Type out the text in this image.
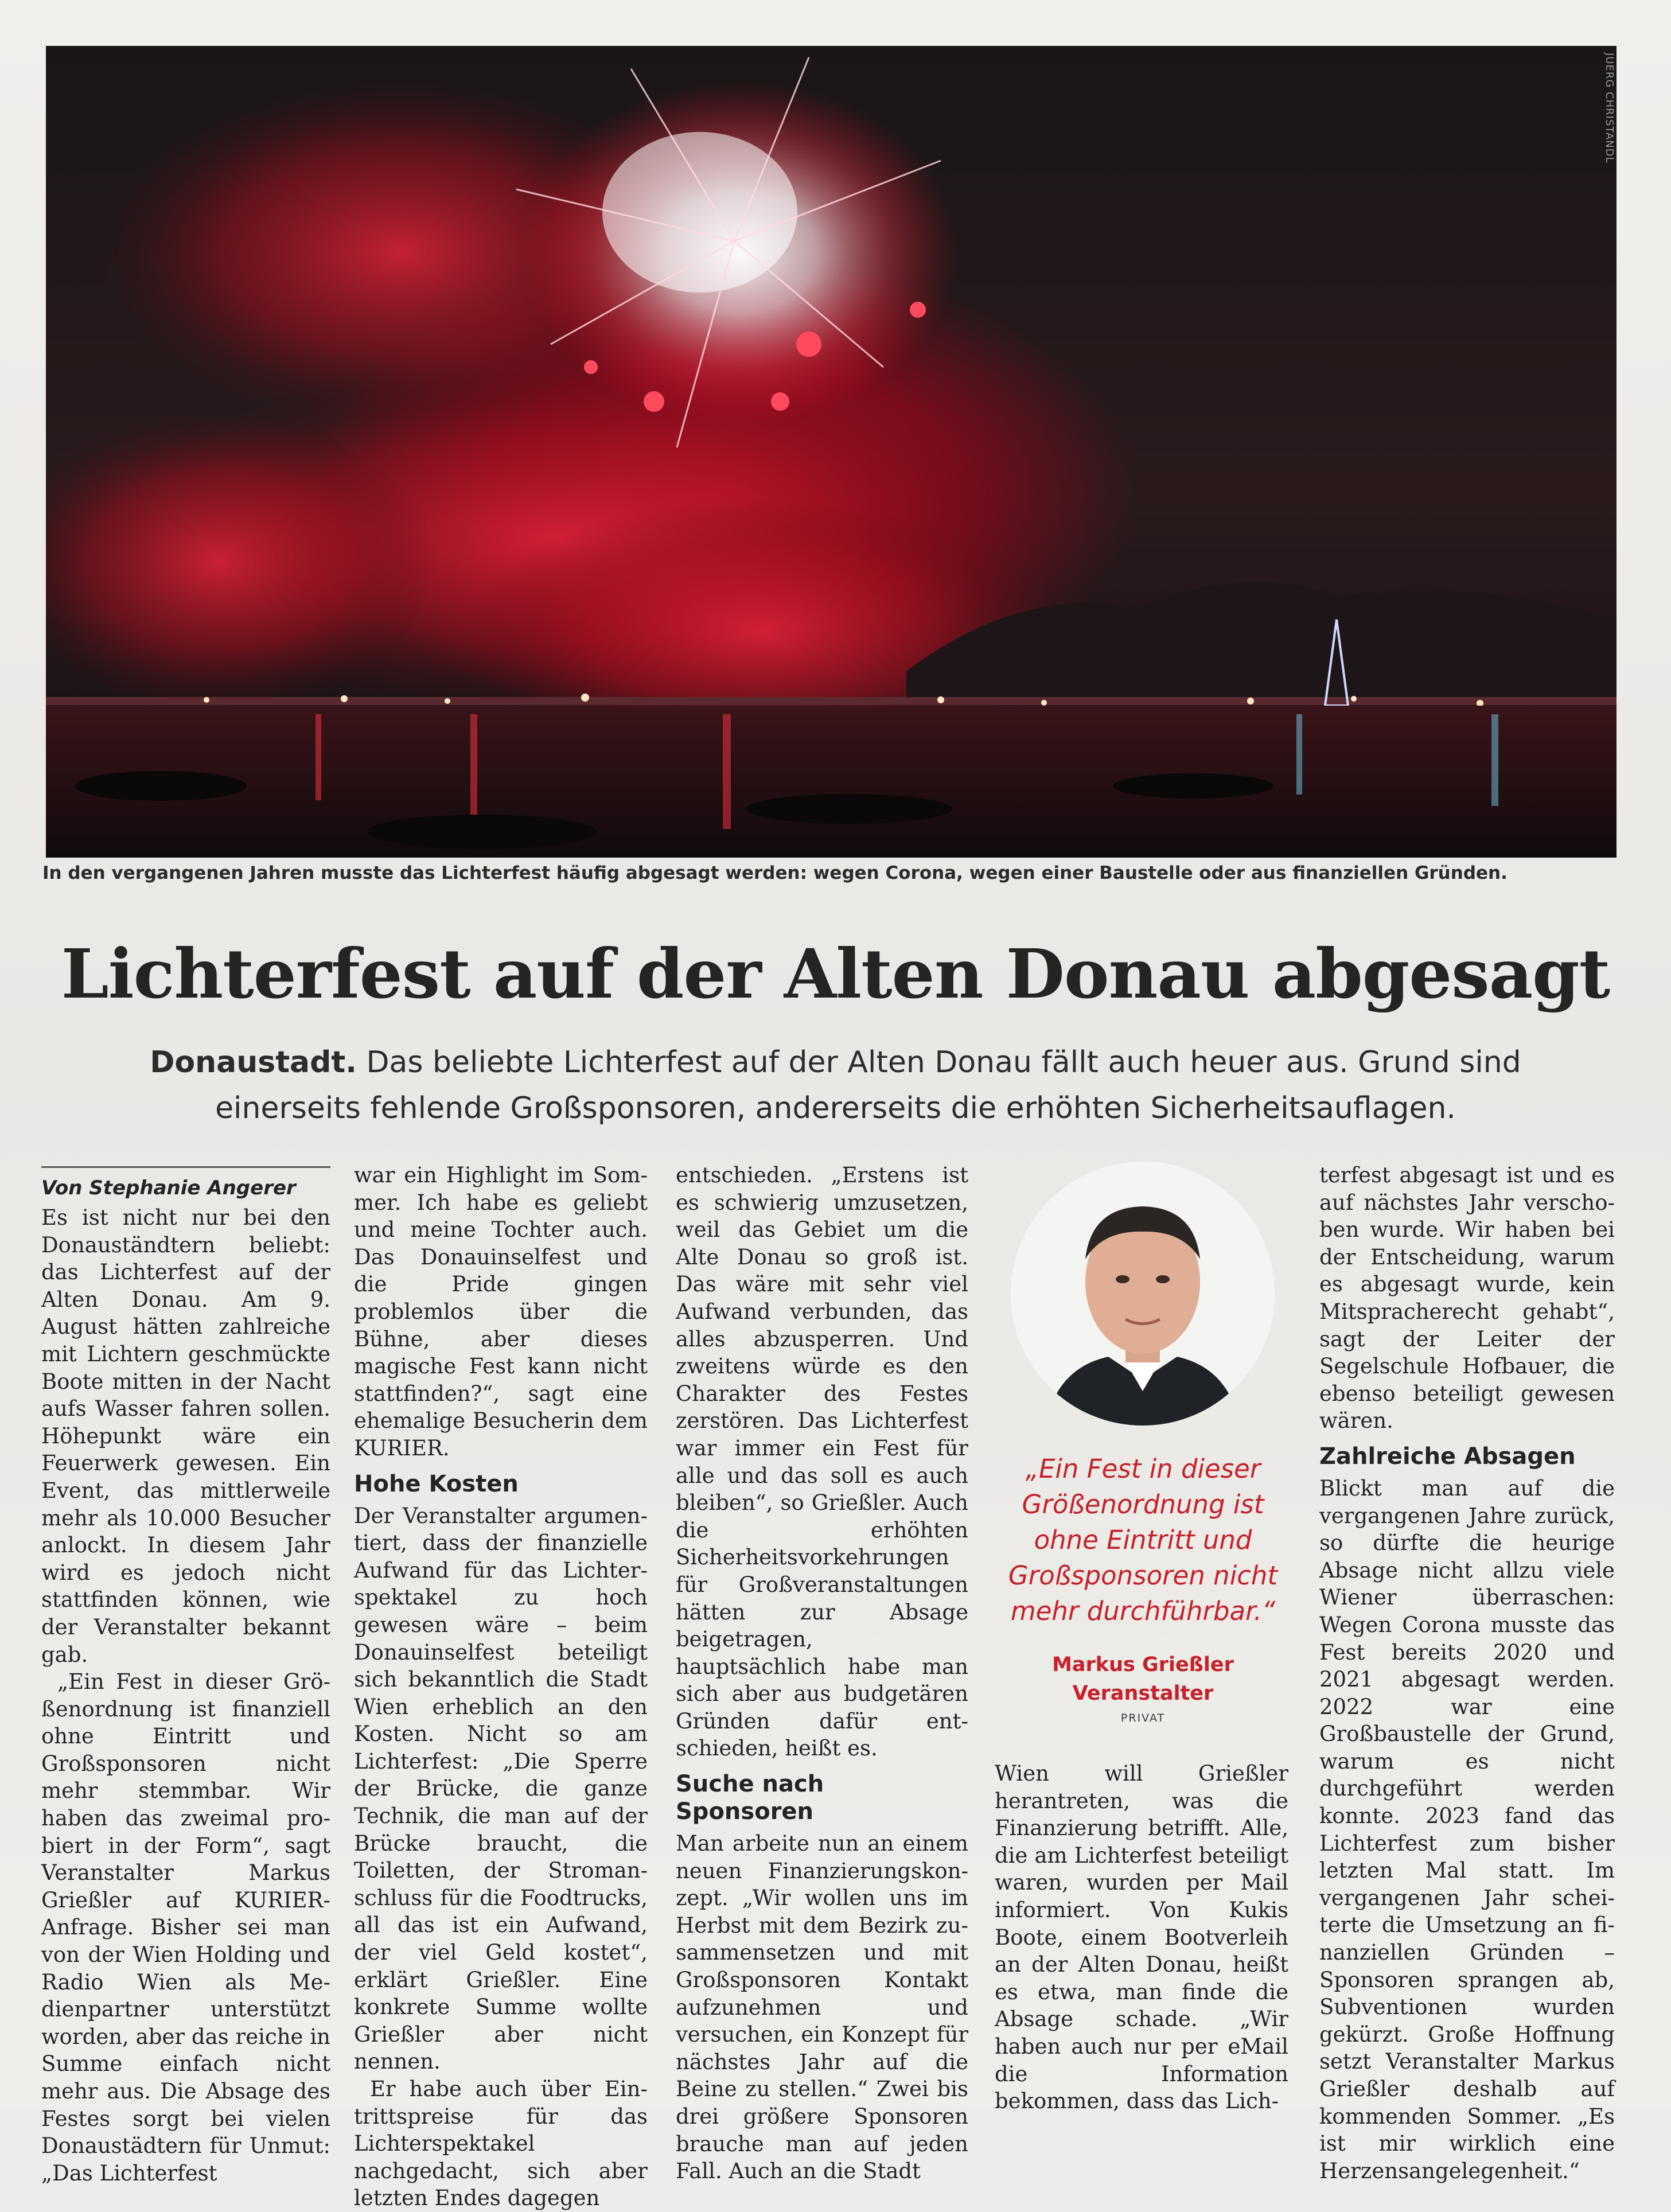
JUERG CHRISTANDL
In den vergangenen Jahren musste das Lichterfest häufig abgesagt werden: wegen Corona, wegen einer Baustelle oder aus finanziellen Gründen.
Lichterfest auf der Alten Donau abgesagt
Donaustadt. Das beliebte Lichterfest auf der Alten Donau fällt auch heuer aus. Grund sind einerseits fehlende Großsponsoren, andererseits die erhöhten Sicherheitsauflagen.

Von Stephanie Angerer

Es ist nicht nur bei den Donauständtern beliebt: das Lichterfest auf der Alten Donau. Am 9. August hätten zahlreiche mit Lichtern geschmückte Boote mitten in der Nacht aufs Wasser fahren sollen. Höhepunkt wäre ein Feuerwerk gewesen. Ein Event, das mittlerweile mehr als 10.000 Besucher anlockt. In diesem Jahr wird es jedoch nicht stattfinden können, wie der Veranstalter bekannt gab.

„Ein Fest in dieser Größenordnung ist finanziell ohne Eintritt und Großsponsoren nicht mehr stemmbar. Wir haben das zweimal probiert in der Form“, sagt Veranstalter Markus Grießler auf KURIER-Anfrage. Bisher sei man von der Wien Holding und Radio Wien als Medienpartner unterstützt worden, aber das reiche in Summe einfach nicht mehr aus. Die Absage des Festes sorgt bei vielen Donaustädtern für Unmut: „Das Lichterfest

war ein Highlight im Sommer. Ich habe es geliebt und meine Tochter auch. Das Donauinselfest und die Pride gingen problemlos über die Bühne, aber dieses magische Fest kann nicht stattfinden?“, sagt eine ehemalige Besucherin dem KURIER.

Hohe Kosten

Der Veranstalter argumentiert, dass der finanzielle Aufwand für das Lichterspektakel zu hoch gewesen wäre – beim Donauinselfest beteiligt sich bekanntlich die Stadt Wien erheblich an den Kosten. Nicht so am Lichterfest: „Die Sperre der Brücke, die ganze Technik, die man auf der Brücke braucht, die Toiletten, der Stromanschluss für die Foodtrucks, all das ist ein Aufwand, der viel Geld kostet“, erklärt Grießler. Eine konkrete Summe wollte Grießler aber nicht nennen.

Er habe auch über Eintrittspreise für das Lichterspektakel nachgedacht, sich aber letzten Endes dagegen

entschieden. „Erstens ist es schwierig umzusetzen, weil das Gebiet um die Alte Donau so groß ist. Das wäre mit sehr viel Aufwand verbunden, das alles abzusperren. Und zweitens würde es den Charakter des Festes zerstören. Das Lichterfest war immer ein Fest für alle und das soll es auch bleiben“, so Grießler. Auch die erhöhten Sicherheitsvorkehrungen für Großveranstaltungen hätten zur Absage beigetragen, hauptsächlich habe man sich aber aus budgetären Gründen dafür entschieden, heißt es.

Suche nach Sponsoren

Man arbeite nun an einem neuen Finanzierungskonzept. „Wir wollen uns im Herbst mit dem Bezirk zusammensetzen und mit Großsponsoren Kontakt aufzunehmen und versuchen, ein Konzept für nächstes Jahr auf die Beine zu stellen.“ Zwei bis drei größere Sponsoren brauche man auf jeden Fall. Auch an die Stadt

„Ein Fest in dieser Größenordnung ist ohne Eintritt und Großsponsoren nicht mehr durchführbar.“
Markus Grießler
Veranstalter
PRIVAT

Wien will Grießler herantreten, was die Finanzierung betrifft. Alle, die am Lichterfest beteiligt waren, wurden per Mail informiert. Von Kukis Boote, einem Bootverleih an der Alten Donau, heißt es etwa, man finde die Absage schade. „Wir haben auch nur per eMail die Information bekommen, dass das Lich-

terfest abgesagt ist und es auf nächstes Jahr verschoben wurde. Wir haben bei der Entscheidung, warum es abgesagt wurde, kein Mitspracherecht gehabt“, sagt der Leiter der Segelschule Hofbauer, die ebenso beteiligt gewesen wären.

Zahlreiche Absagen

Blickt man auf die vergangenen Jahre zurück, so dürfte die heurige Absage nicht allzu viele Wiener überraschen: Wegen Corona musste das Fest bereits 2020 und 2021 abgesagt werden. 2022 war eine Großbaustelle der Grund, warum es nicht durchgeführt werden konnte. 2023 fand das Lichterfest zum bisher letzten Mal statt. Im vergangenen Jahr scheiterte die Umsetzung an finanziellen Gründen – Sponsoren sprangen ab, Subventionen wurden gekürzt. Große Hoffnung setzt Veranstalter Markus Grießler deshalb auf kommenden Sommer. „Es ist mir wirklich eine Herzensangelegenheit.“
